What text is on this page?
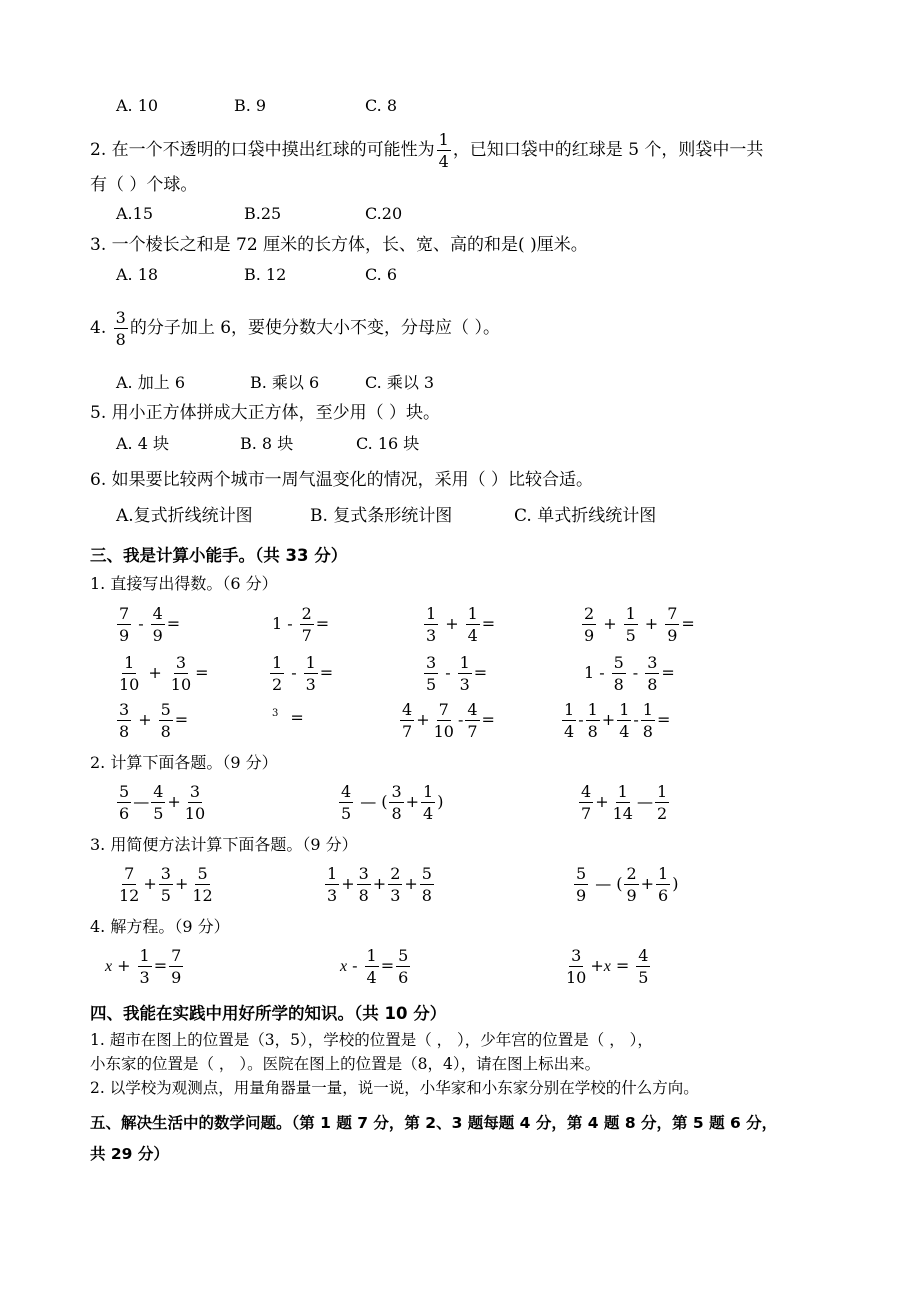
A. 10	B. 9	C. 8
2. 在一个不透明的口袋中摸出红球的可能性为 $\frac{1}{4}$ ，已知口袋中的红球是 5 个，则袋中一共
有（ ）个球。
A.15	B.25	C.20
3. 一个棱长之和是 72 厘米的长方体，长、宽、高的和是( )厘米。
A. 18	B. 12	C. 6
4. $\frac{3}{8}$ 的分子加上 6，要使分数大小不变，分母应（ ）。
A. 加上 6	B. 乘以 6	C. 乘以 3
5. 用小正方体拼成大正方体，至少用（ ）块。
A. 4 块	B. 8 块	C. 16 块
6. 如果要比较两个城市一周气温变化的情况，采用（ ）比较合适。
A.复式折线统计图	B. 复式条形统计图	C. 单式折线统计图
三、我是计算小能手。（共 33 分）
1. 直接写出得数。（6 分）
$\frac{7}{9} - \frac{4}{9}$ =	$1 - \frac{2}{7}$ =	$\frac{1}{3} + \frac{1}{4}$ =	$\frac{2}{9} + \frac{1}{5} + \frac{7}{9}$ =
$\frac{1}{10} + \frac{3}{10}$ =	$\frac{1}{2} - \frac{1}{3}$ =	$\frac{3}{5} - \frac{1}{3}$ =	$1 - \frac{5}{8} - \frac{3}{8}$ =
$\frac{3}{8} + \frac{5}{8}$ =	$^3$ =	$\frac{4}{7} + \frac{7}{10} - \frac{4}{7}$ =	$\frac{1}{4} - \frac{1}{8} + \frac{1}{4} - \frac{1}{8}$ =
2. 计算下面各题。（9 分）
$\frac{5}{6}$ — $\frac{4}{5} + \frac{3}{10}$	$\frac{4}{5}$ — ( $\frac{3}{8} + \frac{1}{4}$ )	$\frac{4}{7} + \frac{1}{14}$ — $\frac{1}{2}$
3. 用简便方法计算下面各题。（9 分）
$\frac{7}{12} + \frac{3}{5} + \frac{5}{12}$	$\frac{1}{3} + \frac{3}{8} + \frac{2}{3} + \frac{5}{8}$	$\frac{5}{9}$ — ( $\frac{2}{9} + \frac{1}{6}$ )
4. 解方程。（9 分）
$x + \frac{1}{3} = \frac{7}{9}$	$x - \frac{1}{4} = \frac{5}{6}$	$\frac{3}{10} +x = \frac{4}{5}$
四、我能在实践中用好所学的知识。（共 10 分）
1. 超市在图上的位置是（3，5），学校的位置是（ ， ），少年宫的位置是（ ， ），
小东家的位置是（ ， ）。医院在图上的位置是（8，4），请在图上标出来。
2. 以学校为观测点，用量角器量一量，说一说，小华家和小东家分别在学校的什么方向。
五、解决生活中的数学问题。（第 1 题 7 分，第 2、3 题每题 4 分，第 4 题 8 分，第 5 题 6 分，
共 29 分）
